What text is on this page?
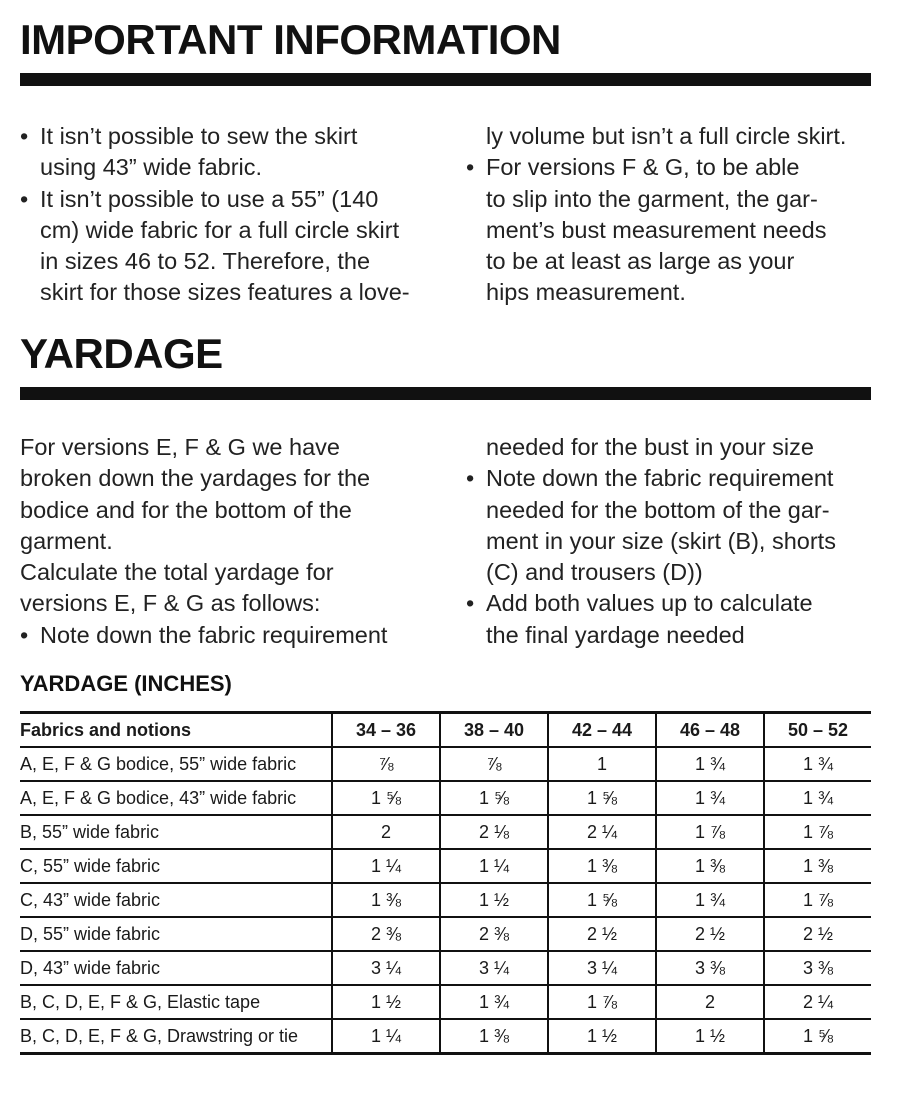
IMPORTANT INFORMATION
• It isn’t possible to sew the skirt
using 43” wide fabric.
• It isn’t possible to use a 55” (140
cm) wide fabric for a full circle skirt
in sizes 46 to 52. Therefore, the
skirt for those sizes features a love-
ly volume but isn’t a full circle skirt.
• For versions F & G, to be able
to slip into the garment, the gar-
ment’s bust measurement needs
to be at least as large as your
hips measurement.
YARDAGE
For versions E, F & G we have
broken down the yardages for the
bodice and for the bottom of the
garment.
Calculate the total yardage for
versions E, F & G as follows:
• Note down the fabric requirement
needed for the bust in your size
• Note down the fabric requirement
needed for the bottom of the gar-
ment in your size (skirt (B), shorts
(C) and trousers (D))
• Add both values up to calculate
the final yardage needed
YARDAGE (INCHES)
Fabrics and notions	34 – 36	38 – 40	42 – 44	46 – 48	50 – 52
A, E, F & G bodice, 55” wide fabric	⅞	⅞	1	1 ¾	1 ¾
A, E, F & G bodice, 43” wide fabric	1 ⅝	1 ⅝	1 ⅝	1 ¾	1 ¾
B, 55” wide fabric	2	2 ⅛	2 ¼	1 ⅞	1 ⅞
C, 55” wide fabric	1 ¼	1 ¼	1 ⅜	1 ⅜	1 ⅜
C, 43” wide fabric	1 ⅜	1 ½	1 ⅝	1 ¾	1 ⅞
D, 55” wide fabric	2 ⅜	2 ⅜	2 ½	2 ½	2 ½
D, 43” wide fabric	3 ¼	3 ¼	3 ¼	3 ⅜	3 ⅜
B, C, D, E, F & G, Elastic tape	1 ½	1 ¾	1 ⅞	2	2 ¼
B, C, D, E, F & G, Drawstring or tie	1 ¼	1 ⅜	1 ½	1 ½	1 ⅝
